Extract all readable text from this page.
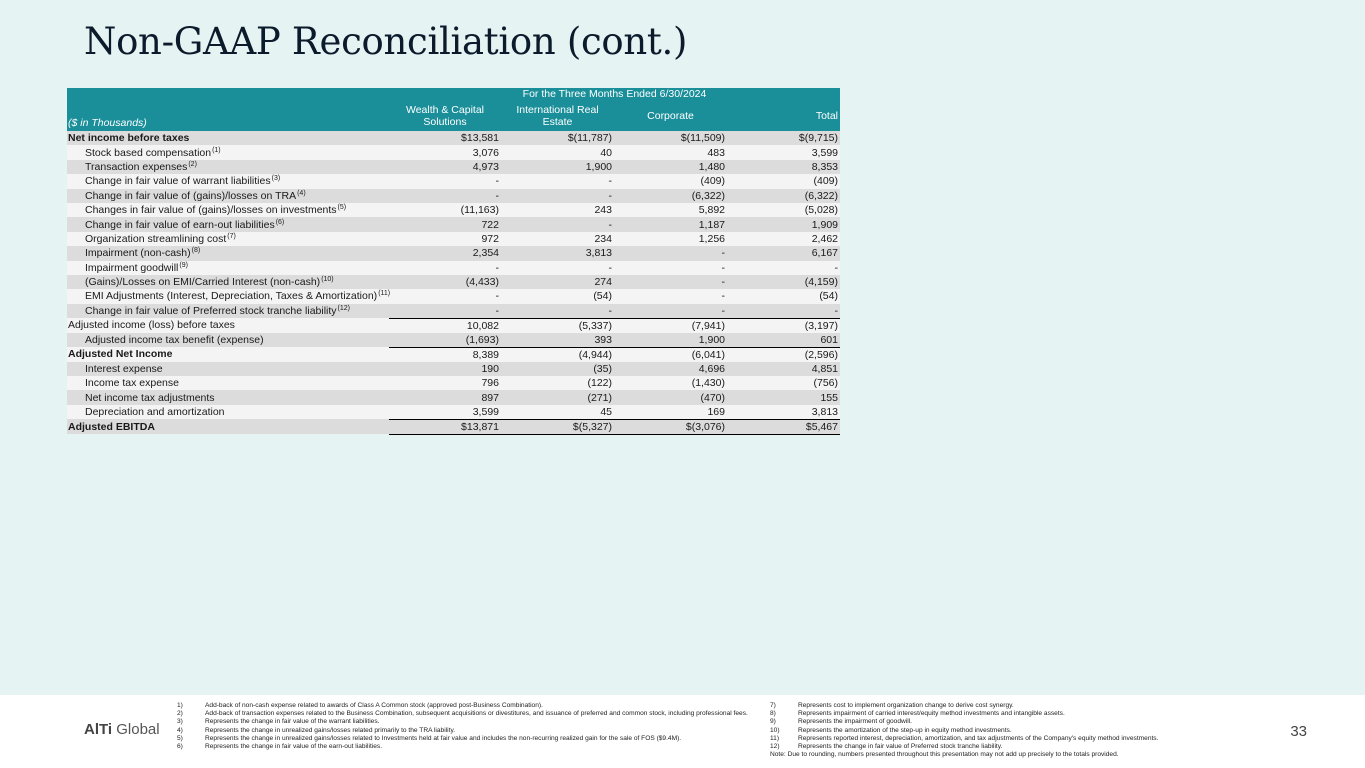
Non-GAAP Reconciliation (cont.)
	For the Three Months Ended 6/30/2024			
($ in Thousands)	Wealth & Capital Solutions	International Real Estate	Corporate	Total
Net income before taxes	$13,581	$(11,787)	$(11,509)	$(9,715)
Stock based compensation$^{(1)}$	3,076	40	483	3,599
Transaction expenses$^{(2)}$	4,973	1,900	1,480	8,353
Change in fair value of warrant liabilities$^{(3)}$	-	-	(409)	(409)
Change in fair value of (gains)/losses on TRA$^{(4)}$	-	-	(6,322)	(6,322)
Changes in fair value of (gains)/losses on investments$^{(5)}$	(11,163)	243	5,892	(5,028)
Change in fair value of earn-out liabilities$^{(6)}$	722	-	1,187	1,909
Organization streamlining cost$^{(7)}$	972	234	1,256	2,462
Impairment (non-cash)$^{(8)}$	2,354	3,813	-	6,167
Impairment goodwill$^{(9)}$	-	-	-	-
(Gains)/Losses on EMI/Carried Interest (non-cash)$^{(10)}$	(4,433)	274	-	(4,159)
EMI Adjustments (Interest, Depreciation, Taxes & Amortization)$^{(11)}$	-	(54)	-	(54)
Change in fair value of Preferred stock tranche liability$^{(12)}$	-	-	-	-
Adjusted income (loss) before taxes	10,082	(5,337)	(7,941)	(3,197)
Adjusted income tax benefit (expense)	(1,693)	393	1,900	601
Adjusted Net Income	8,389	(4,944)	(6,041)	(2,596)
Interest expense	190	(35)	4,696	4,851
Income tax expense	796	(122)	(1,430)	(756)
Net income tax adjustments	897	(271)	(470)	155
Depreciation and amortization	3,599	45	169	3,813
Adjusted EBITDA	$13,871	$(5,327)	$(3,076)	$5,467
AlTi Global
1)	Add-back of non-cash expense related to awards of Class A Common stock (approved post-Business Combination).
2)	Add-back of transaction expenses related to the Business Combination, subsequent acquisitions or divestitures, and issuance of preferred and common stock, including professional fees.
3)	Represents the change in fair value of the warrant liabilities.
4)	Represents the change in unrealized gains/losses related primarily to the TRA liability.
5)	Represents the change in unrealized gains/losses related to Investments held at fair value and includes the non-recurring realized gain for the sale of FOS ($9.4M).
6)	Represents the change in fair value of the earn-out liabilities.
7)	Represents cost to implement organization change to derive cost synergy.
8)	Represents impairment of carried interest/equity method investments and intangible assets.
9)	Represents the impairment of goodwill.
10)	Represents the amortization of the step-up in equity method investments.
11)	Represents reported interest, depreciation, amortization, and tax adjustments of the Company's equity method investments.
12)	Represents the change in fair value of Preferred stock tranche liability.
Note: Due to rounding, numbers presented throughout this presentation may not add up precisely to the totals provided.
33
